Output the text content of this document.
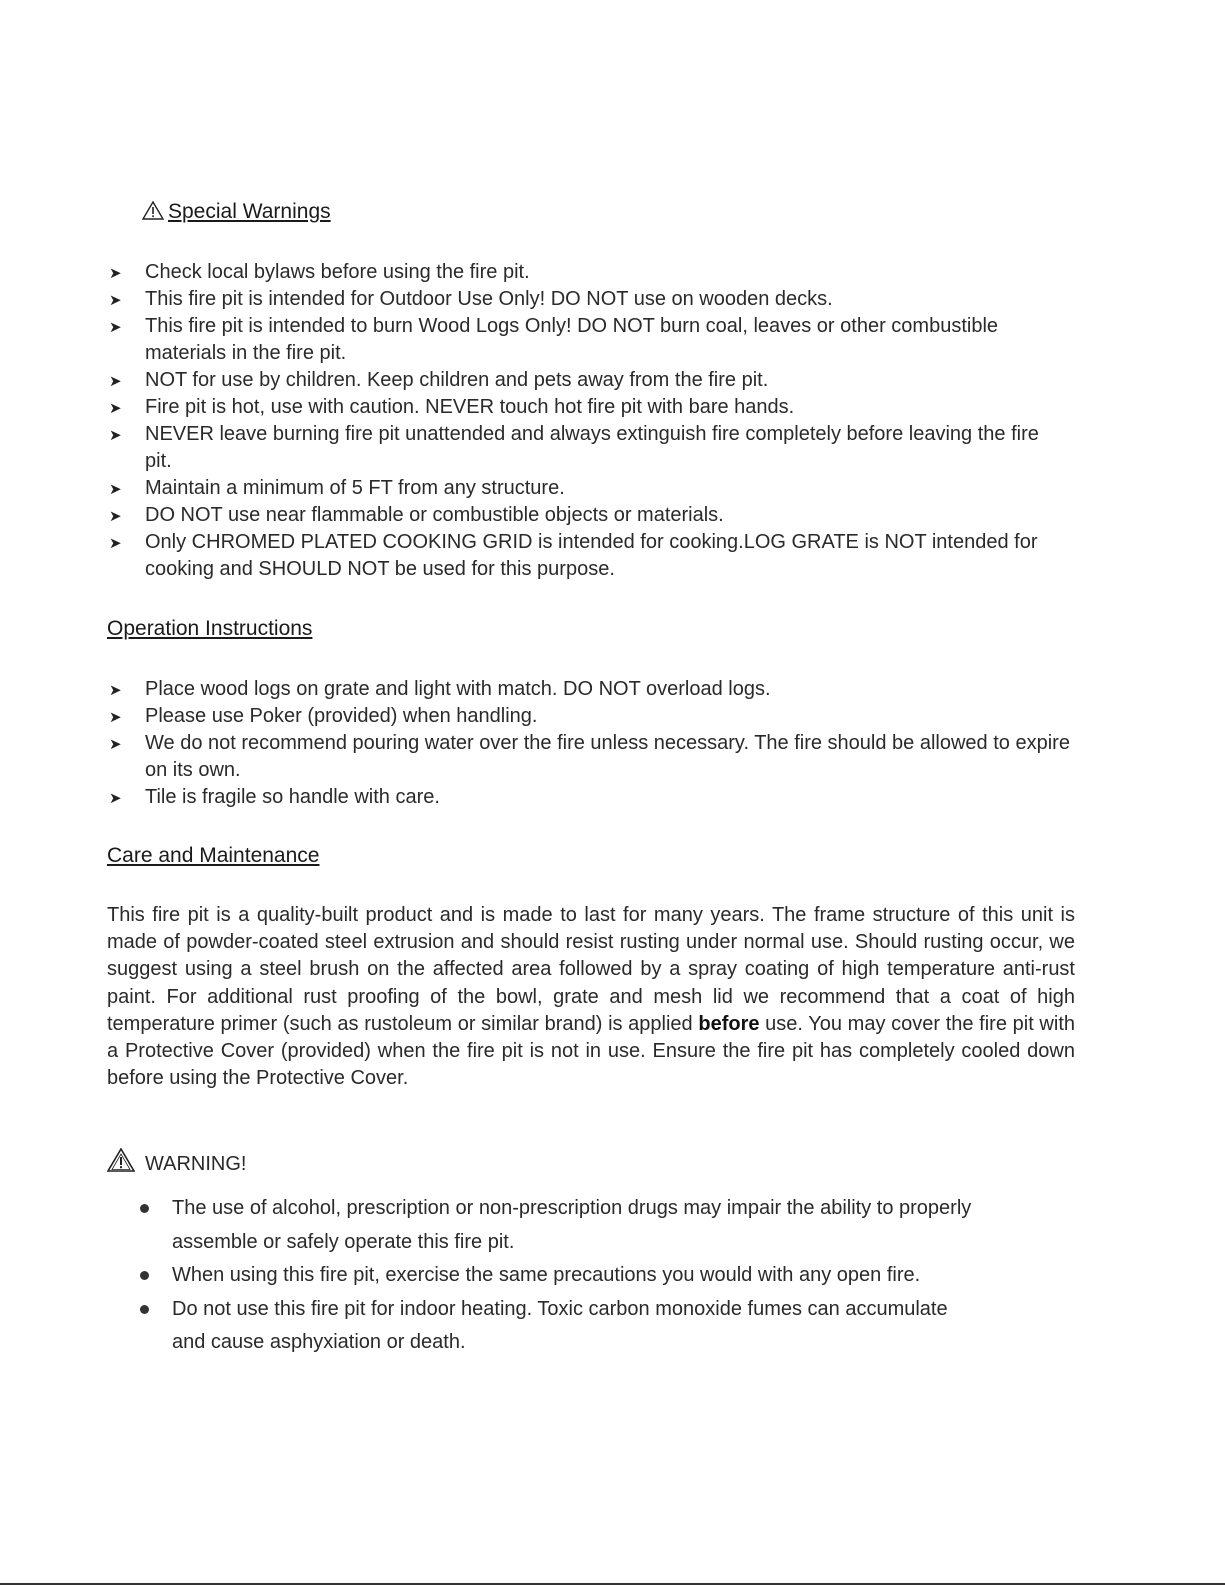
Special Warnings
➤ Check local bylaws before using the fire pit.
➤ This fire pit is intended for Outdoor Use Only! DO NOT use on wooden decks.
➤ This fire pit is intended to burn Wood Logs Only! DO NOT burn coal, leaves or other combustible materials in the fire pit.
➤ NOT for use by children. Keep children and pets away from the fire pit.
➤ Fire pit is hot, use with caution. NEVER touch hot fire pit with bare hands.
➤ NEVER leave burning fire pit unattended and always extinguish fire completely before leaving the fire pit.
➤ Maintain a minimum of 5 FT from any structure.
➤ DO NOT use near flammable or combustible objects or materials.
➤ Only CHROMED PLATED COOKING GRID is intended for cooking.LOG GRATE is NOT intended for cooking and SHOULD NOT be used for this purpose.
Operation Instructions
➤ Place wood logs on grate and light with match. DO NOT overload logs.
➤ Please use Poker (provided) when handling.
➤ We do not recommend pouring water over the fire unless necessary. The fire should be allowed to expire on its own.
➤ Tile is fragile so handle with care.
Care and Maintenance
This fire pit is a quality-built product and is made to last for many years. The frame structure of this unit is made of powder-coated steel extrusion and should resist rusting under normal use. Should rusting occur, we suggest using a steel brush on the affected area followed by a spray coating of high temperature anti-rust paint. For additional rust proofing of the bowl, grate and mesh lid we recommend that a coat of high temperature primer (such as rustoleum or similar brand) is applied before use. You may cover the fire pit with a Protective Cover (provided) when the fire pit is not in use. Ensure the fire pit has completely cooled down before using the Protective Cover.
WARNING!
The use of alcohol, prescription or non-prescription drugs may impair the ability to properly assemble or safely operate this fire pit.
When using this fire pit, exercise the same precautions you would with any open fire.
Do not use this fire pit for indoor heating. Toxic carbon monoxide fumes can accumulate and cause asphyxiation or death.
